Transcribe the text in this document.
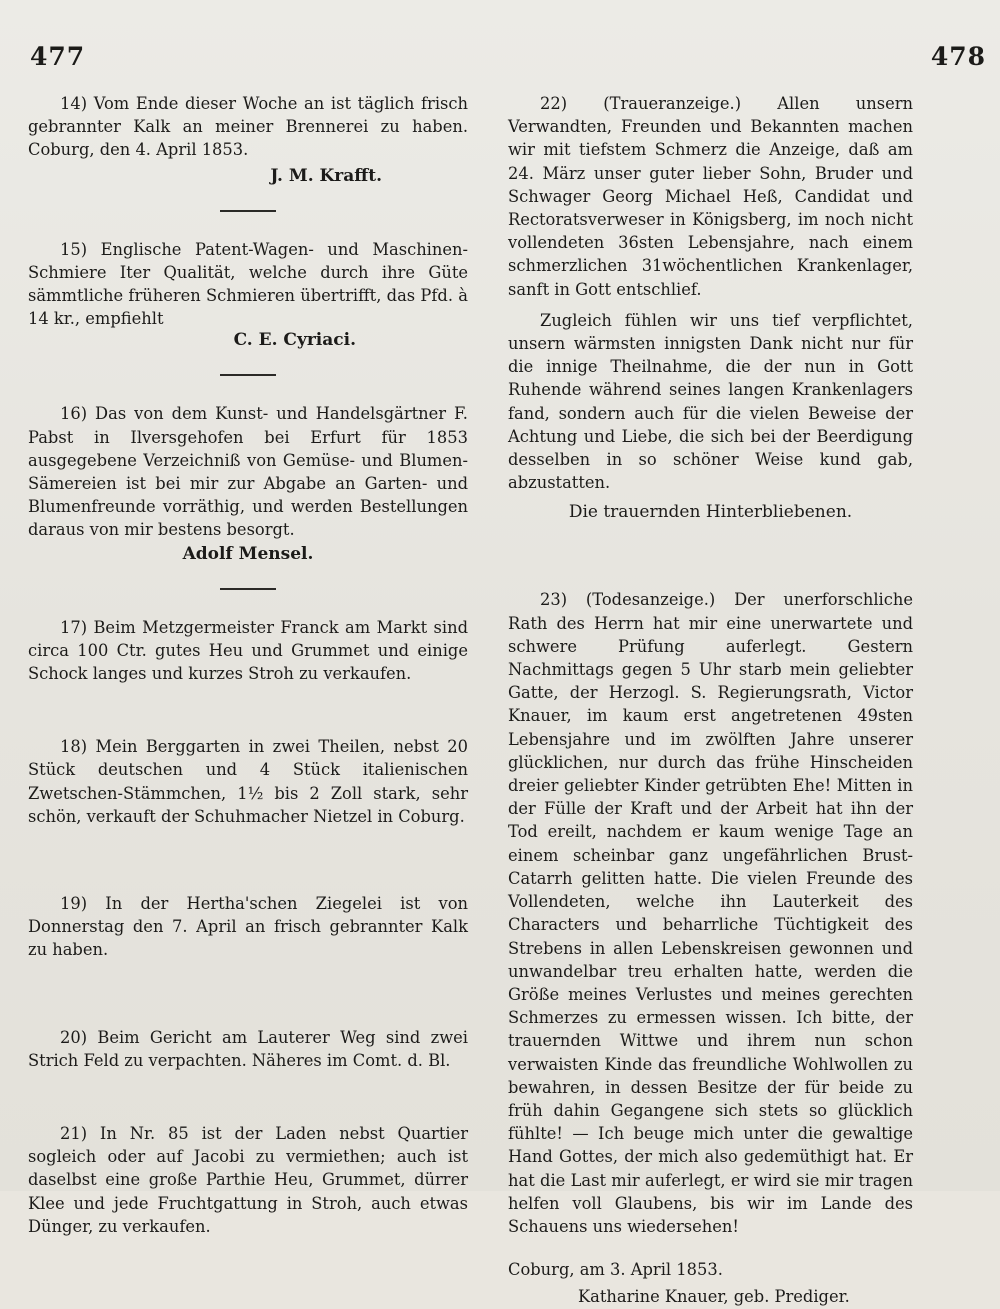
477	478

14) Vom Ende dieser Woche an ist täglich frisch gebrannter Kalk an meiner Brennerei zu haben. Coburg, den 4. April 1853.

J. M. Krafft.

15) Englische Patent-Wagen- und Maschinen-Schmiere Iter Qualität, welche durch ihre Güte sämmtliche früheren Schmieren übertrifft, das Pfd. à 14 kr., empfiehlt

C. E. Cyriaci.

16) Das von dem Kunst- und Handelsgärtner F. Pabst in Ilversgehofen bei Erfurt für 1853 ausgegebene Verzeichniß von Gemüse- und Blumen-Sämereien ist bei mir zur Abgabe an Garten- und Blumenfreunde vorräthig, und werden Bestellungen daraus von mir bestens besorgt.

Adolf Mensel.

17) Beim Metzgermeister Franck am Markt sind circa 100 Ctr. gutes Heu und Grummet und einige Schock langes und kurzes Stroh zu verkaufen.

18) Mein Berggarten in zwei Theilen, nebst 20 Stück deutschen und 4 Stück italienischen Zwetschen-Stämmchen, 1½ bis 2 Zoll stark, sehr schön, verkauft der Schuhmacher Nietzel in Coburg.

19) In der Hertha'schen Ziegelei ist von Donnerstag den 7. April an frisch gebrannter Kalk zu haben.

20) Beim Gericht am Lauterer Weg sind zwei Strich Feld zu verpachten. Näheres im Comt. d. Bl.

21) In Nr. 85 ist der Laden nebst Quartier sogleich oder auf Jacobi zu vermiethen; auch ist daselbst eine große Parthie Heu, Grummet, dürrer Klee und jede Fruchtgattung in Stroh, auch etwas Dünger, zu verkaufen.

22) (Traueranzeige.) Allen unsern Verwandten, Freunden und Bekannten machen wir mit tiefstem Schmerz die Anzeige, daß am 24. März unser guter lieber Sohn, Bruder und Schwager Georg Michael Heß, Candidat und Rectoratsverweser in Königsberg, im noch nicht vollendeten 36sten Lebensjahre, nach einem schmerzlichen 31wöchentlichen Krankenlager, sanft in Gott entschlief.

Zugleich fühlen wir uns tief verpflichtet, unsern wärmsten innigsten Dank nicht nur für die innige Theilnahme, die der nun in Gott Ruhende während seines langen Krankenlagers fand, sondern auch für die vielen Beweise der Achtung und Liebe, die sich bei der Beerdigung desselben in so schöner Weise kund gab, abzustatten.

Die trauernden Hinterbliebenen.

23) (Todesanzeige.) Der unerforschliche Rath des Herrn hat mir eine unerwartete und schwere Prüfung auferlegt. Gestern Nachmittags gegen 5 Uhr starb mein geliebter Gatte, der Herzogl. S. Regierungsrath, Victor Knauer, im kaum erst angetretenen 49sten Lebensjahre und im zwölften Jahre unserer glücklichen, nur durch das frühe Hinscheiden dreier geliebter Kinder getrübten Ehe! Mitten in der Fülle der Kraft und der Arbeit hat ihn der Tod ereilt, nachdem er kaum wenige Tage an einem scheinbar ganz ungefährlichen Brust-Catarrh gelitten hatte. Die vielen Freunde des Vollendeten, welche ihn Lauterkeit des Characters und beharrliche Tüchtigkeit des Strebens in allen Lebenskreisen gewonnen und unwandelbar treu erhalten hatte, werden die Größe meines Verlustes und meines gerechten Schmerzes zu ermessen wissen. Ich bitte, der trauernden Wittwe und ihrem nun schon verwaisten Kinde das freundliche Wohlwollen zu bewahren, in dessen Besitze der für beide zu früh dahin Gegangene sich stets so glücklich fühlte! — Ich beuge mich unter die gewaltige Hand Gottes, der mich also gedemüthigt hat. Er hat die Last mir auferlegt, er wird sie mir tragen helfen voll Glaubens, bis wir im Lande des Schauens uns wiedersehen!

Coburg, am 3. April 1853.
Katharine Knauer, geb. Prediger.
